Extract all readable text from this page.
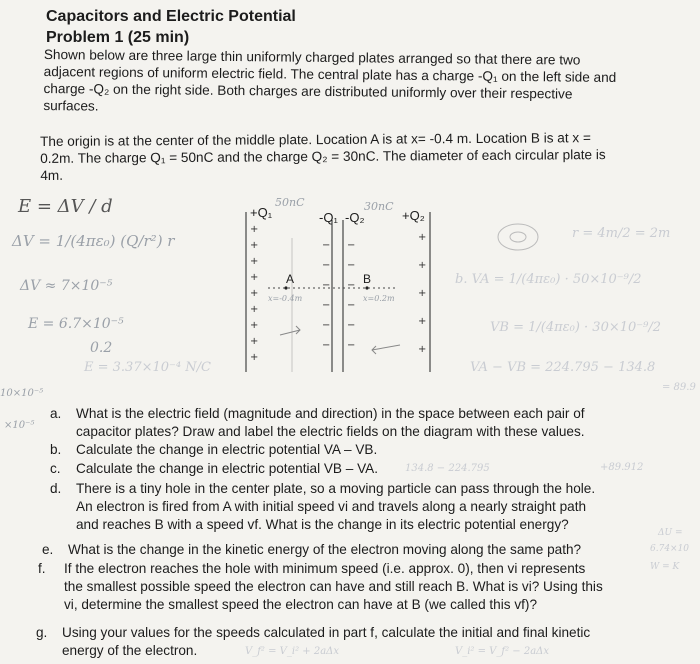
Capacitors and Electric Potential
Problem 1 (25 min)
Shown below are three large thin uniformly charged plates arranged so that there are two
adjacent regions of uniform electric field. The central plate has a charge -Q₁ on the left side and
charge -Q₂ on the right side. Both charges are distributed uniformly over their respective
surfaces.
The origin is at the center of the middle plate. Location A is at x= -0.4 m. Location B is at x =
0.2m. The charge Q₁ = 50nC and the charge Q₂ = 30nC. The diameter of each circular plate is
4m.
+
+
+
+
+
+
+
+
+
−
−
−
−
−
−
−
−
−
−
−
−
+
+
+
+
+
+Q₁	-Q₁ -Q₂	+Q₂
A	B
E = ΔV / d
ΔV = 1/(4πε₀) (Q/r²) r
ΔV ≈ 7×10⁻⁵
E = 6.7×10⁻⁵
0.2
E = 3.37×10⁻⁴ N/C
10×10⁻⁵
×10⁻⁵
50nC	30nC
x=-0.4m	x=0.2m
r = 4m/2 = 2m
b. VA = 1/(4πε₀) · 50×10⁻⁹/2
VB = 1/(4πε₀) · 30×10⁻⁹/2
VA − VB = 224.795 − 134.8
= 89.9
a. What is the electric field (magnitude and direction) in the space between each pair of
capacitor plates? Draw and label the electric fields on the diagram with these values.
b. Calculate the change in electric potential VA – VB.
c. Calculate the change in electric potential VB – VA.	134.8 − 224.795	+89.912
d. There is a tiny hole in the center plate, so a moving particle can pass through the hole.
An electron is fired from A with initial speed vi and travels along a nearly straight path
and reaches B with a speed vf. What is the change in its electric potential energy?
e. What is the change in the kinetic energy of the electron moving along the same path?
ΔU =
6.74×10
f. If the electron reaches the hole with minimum speed (i.e. approx. 0), then vi represents
the smallest possible speed the electron can have and still reach B. What is vi? Using this
vi, determine the smallest speed the electron can have at B (we called this vf)?
W = K
g. Using your values for the speeds calculated in part f, calculate the initial and final kinetic
energy of the electron.	V_f² = V_i² + 2aΔx	V_i² = V_f² − 2aΔx
